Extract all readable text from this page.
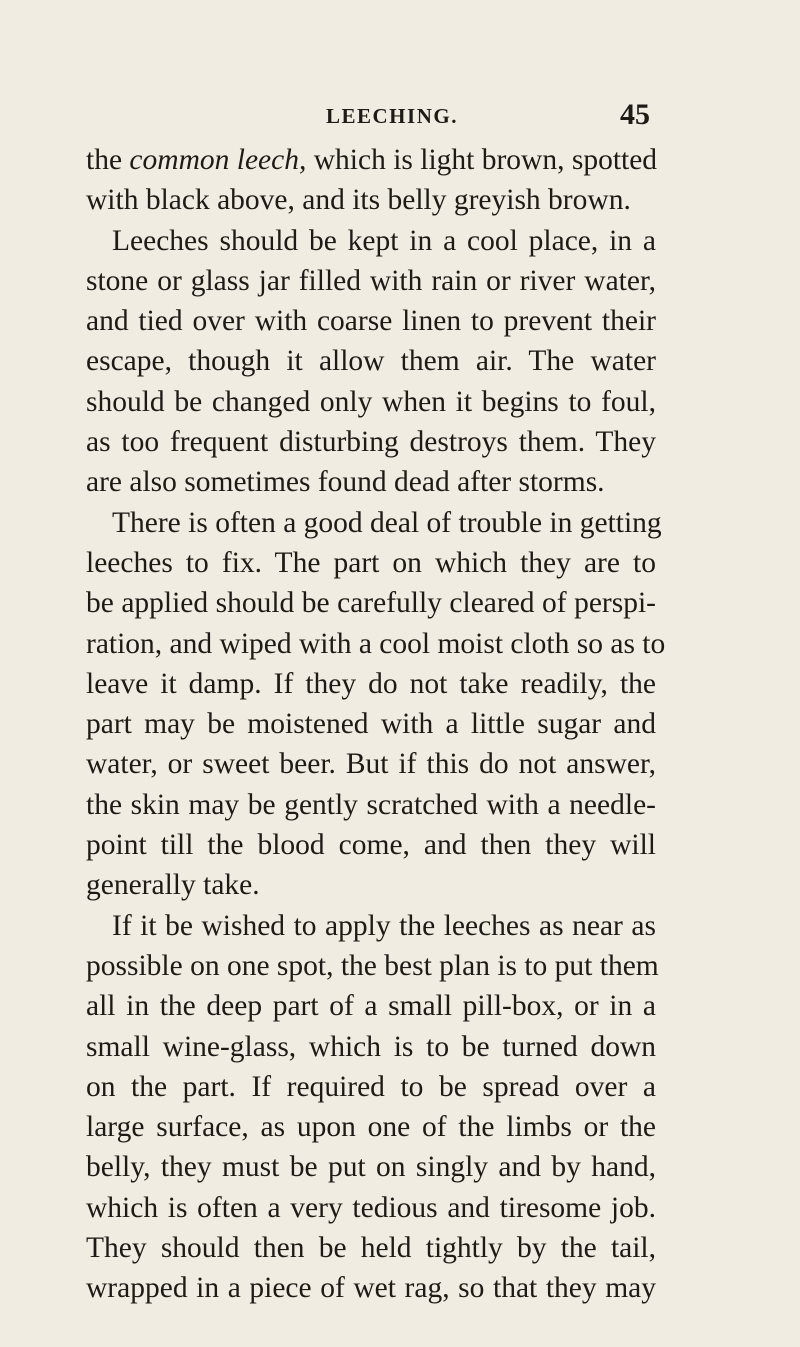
LEECHING.	45
the common leech, which is light brown, spotted
with black above, and its belly greyish brown.
Leeches should be kept in a cool place, in a
stone or glass jar filled with rain or river water,
and tied over with coarse linen to prevent their
escape, though it allow them air. The water
should be changed only when it begins to foul,
as too frequent disturbing destroys them. They
are also sometimes found dead after storms.
There is often a good deal of trouble in getting
leeches to fix. The part on which they are to
be applied should be carefully cleared of perspi-
ration, and wiped with a cool moist cloth so as to
leave it damp. If they do not take readily, the
part may be moistened with a little sugar and
water, or sweet beer. But if this do not answer,
the skin may be gently scratched with a needle-
point till the blood come, and then they will
generally take.
If it be wished to apply the leeches as near as
possible on one spot, the best plan is to put them
all in the deep part of a small pill-box, or in a
small wine-glass, which is to be turned down
on the part. If required to be spread over a
large surface, as upon one of the limbs or the
belly, they must be put on singly and by hand,
which is often a very tedious and tiresome job.
They should then be held tightly by the tail,
wrapped in a piece of wet rag, so that they may
